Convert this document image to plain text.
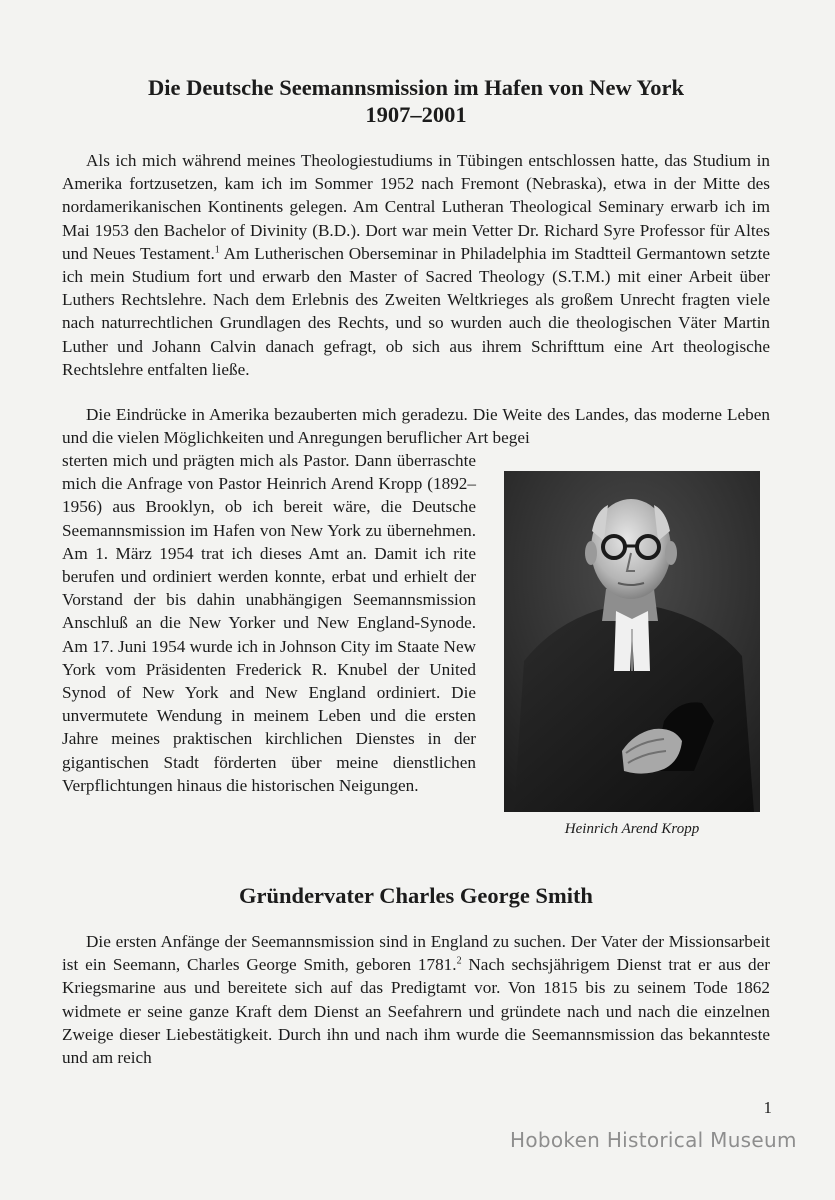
Die Deutsche Seemannsmission im Hafen von New York
1907–2001

Als ich mich während meines Theologiestudiums in Tübingen entschlossen hatte, das Studium in Amerika fortzusetzen, kam ich im Sommer 1952 nach Fremont (Nebraska), etwa in der Mitte des nordamerikanischen Kontinents gelegen. Am Central Lutheran Theological Seminary erwarb ich im Mai 1953 den Bachelor of Divinity (B.D.). Dort war mein Vetter Dr. Richard Syre Professor für Altes und Neues Testament.$^1$ Am Lutherischen Oberseminar in Philadelphia im Stadtteil Germantown setzte ich mein Studium fort und erwarb den Master of Sacred Theology (S.T.M.) mit einer Arbeit über Luthers Rechtslehre. Nach dem Erlebnis des Zweiten Weltkrieges als großem Unrecht fragten viele nach naturrechtlichen Grundlagen des Rechts, und so wurden auch die theologischen Väter Martin Luther und Johann Calvin danach gefragt, ob sich aus ihrem Schrifttum eine Art theologische Rechtslehre entfalten ließe.

Die Eindrücke in Amerika bezauberten mich geradezu. Die Weite des Landes, das moderne Leben und die vielen Möglichkeiten und Anregungen beruflicher Art begei

sterten mich und prägten mich als Pastor. Dann überraschte mich die Anfrage von Pastor Heinrich Arend Kropp (1892–1956) aus Brooklyn, ob ich bereit wäre, die Deutsche Seemannsmission im Hafen von New York zu übernehmen. Am 1. März 1954 trat ich dieses Amt an. Damit ich rite berufen und ordiniert werden konnte, erbat und erhielt der Vorstand der bis dahin unabhängigen Seemannsmission Anschluß an die New Yorker und New England-Synode. Am 17. Juni 1954 wurde ich in Johnson City im Staate New York vom Präsidenten Frederick R. Knubel der United Synod of New York and New England ordiniert. Die unvermutete Wendung in meinem Leben und die ersten Jahre meines praktischen kirchlichen Dienstes in der gigantischen Stadt förderten über meine dienstlichen Verpflichtungen hinaus die historischen Neigungen.

Heinrich Arend Kropp

Gründervater Charles George Smith

Die ersten Anfänge der Seemannsmission sind in England zu suchen. Der Vater der Missionsarbeit ist ein Seemann, Charles George Smith, geboren 1781.$^2$ Nach sechsjährigem Dienst trat er aus der Kriegsmarine aus und bereitete sich auf das Predigtamt vor. Von 1815 bis zu seinem Tode 1862 widmete er seine ganze Kraft dem Dienst an Seefahrern und gründete nach und nach die einzelnen Zweige dieser Liebestätigkeit. Durch ihn und nach ihm wurde die Seemannsmission das bekannteste und am reich

1

Hoboken Historical Museum
